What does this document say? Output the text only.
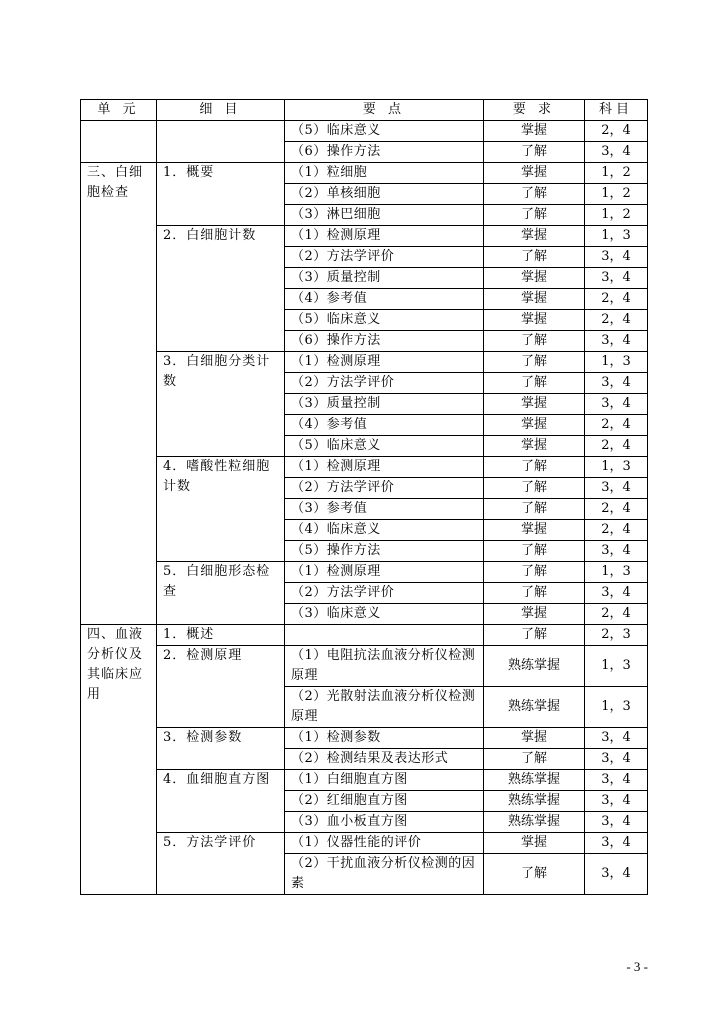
单 元	细 目	要 点	要 求	科目
		（5）临床意义	掌握	2，4
		（6）操作方法	了解	3，4
三、白细胞检查	1．概要	（1）粒细胞	掌握	1，2
		（2）单核细胞	了解	1，2
		（3）淋巴细胞	了解	1，2
	2．白细胞计数	（1）检测原理	掌握	1，3
		（2）方法学评价	了解	3，4
		（3）质量控制	掌握	3，4
		（4）参考值	掌握	2，4
		（5）临床意义	掌握	2，4
		（6）操作方法	了解	3，4
	3．白细胞分类计数	（1）检测原理	了解	1，3
		（2）方法学评价	了解	3，4
		（3）质量控制	掌握	3，4
		（4）参考值	掌握	2，4
		（5）临床意义	掌握	2，4
	4．嗜酸性粒细胞计数	（1）检测原理	了解	1，3
		（2）方法学评价	了解	3，4
		（3）参考值	了解	2，4
		（4）临床意义	掌握	2，4
		（5）操作方法	了解	3，4
	5．白细胞形态检查	（1）检测原理	了解	1，3
		（2）方法学评价	了解	3，4
		（3）临床意义	掌握	2，4
四、血液分析仪及其临床应用	1．概述		了解	2，3
	2．检测原理	（1）电阻抗法血液分析仪检测原理	熟练掌握	1，3
		（2）光散射法血液分析仪检测原理	熟练掌握	1，3
	3．检测参数	（1）检测参数	掌握	3，4
		（2）检测结果及表达形式	了解	3，4
	4．血细胞直方图	（1）白细胞直方图	熟练掌握	3，4
		（2）红细胞直方图	熟练掌握	3，4
		（3）血小板直方图	熟练掌握	3，4
	5．方法学评价	（1）仪器性能的评价	掌握	3，4
		（2）干扰血液分析仪检测的因素	了解	3，4
- 3 -
